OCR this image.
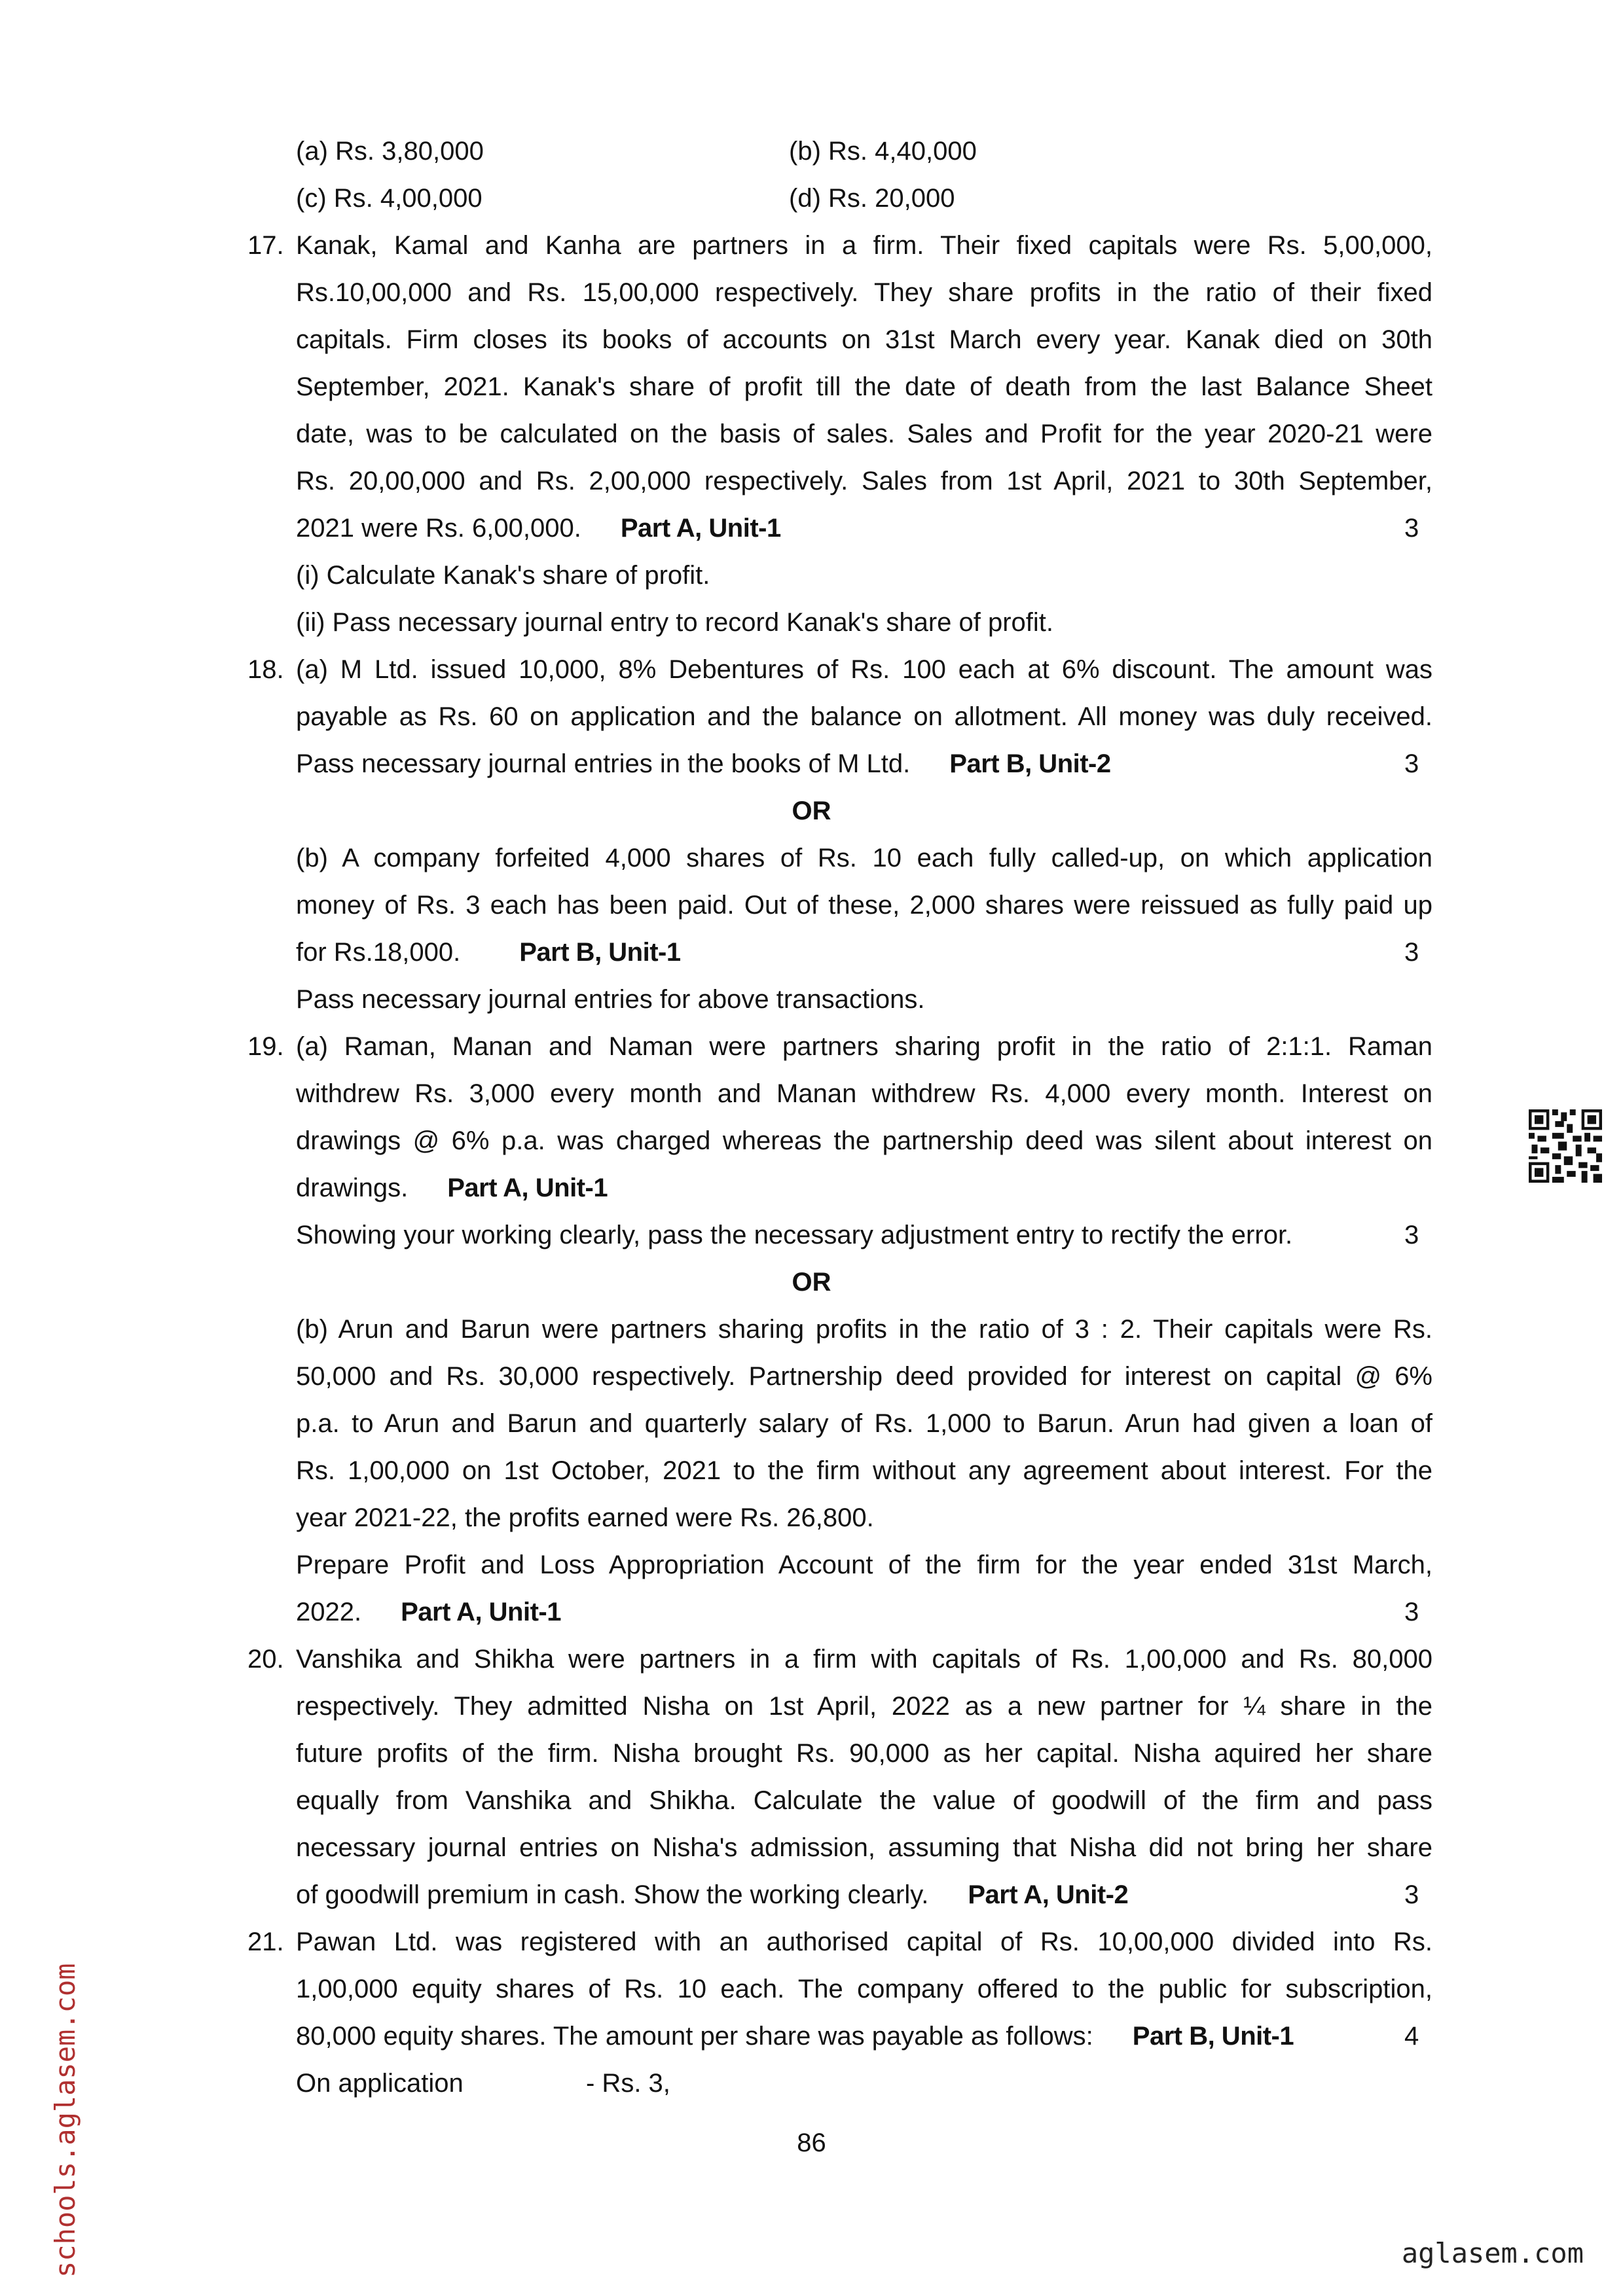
(a) Rs. 3,80,000	(b) Rs. 4,40,000
(c) Rs. 4,00,000	(d) Rs. 20,000
17. Kanak, Kamal and Kanha are partners in a firm. Their fixed capitals were Rs. 5,00,000,
Rs.10,00,000 and Rs. 15,00,000 respectively. They share profits in the ratio of their fixed
capitals. Firm closes its books of accounts on 31st March every year. Kanak died on 30th
September, 2021. Kanak's share of profit till the date of death from the last Balance Sheet
date, was to be calculated on the basis of sales. Sales and Profit for the year 2020-21 were
Rs. 20,00,000 and Rs. 2,00,000 respectively. Sales from 1st April, 2021 to 30th September,
2021 were Rs. 6,00,000. Part A, Unit-1	3
(i) Calculate Kanak's share of profit.
(ii) Pass necessary journal entry to record Kanak's share of profit.
18. (a) M Ltd. issued 10,000, 8% Debentures of Rs. 100 each at 6% discount. The amount was
payable as Rs. 60 on application and the balance on allotment. All money was duly received.
Pass necessary journal entries in the books of M Ltd. Part B, Unit-2	3
OR
(b) A company forfeited 4,000 shares of Rs. 10 each fully called-up, on which application
money of Rs. 3 each has been paid. Out of these, 2,000 shares were reissued as fully paid up
for Rs.18,000. Part B, Unit-1	3
Pass necessary journal entries for above transactions.
19. (a) Raman, Manan and Naman were partners sharing profit in the ratio of 2:1:1. Raman
withdrew Rs. 3,000 every month and Manan withdrew Rs. 4,000 every month. Interest on
drawings @ 6% p.a. was charged whereas the partnership deed was silent about interest on
drawings. Part A, Unit-1
Showing your working clearly, pass the necessary adjustment entry to rectify the error.	3
OR
(b) Arun and Barun were partners sharing profits in the ratio of 3 : 2. Their capitals were Rs.
50,000 and Rs. 30,000 respectively. Partnership deed provided for interest on capital @ 6%
p.a. to Arun and Barun and quarterly salary of Rs. 1,000 to Barun. Arun had given a loan of
Rs. 1,00,000 on 1st October, 2021 to the firm without any agreement about interest. For the
year 2021-22, the profits earned were Rs. 26,800.
Prepare Profit and Loss Appropriation Account of the firm for the year ended 31st March,
2022. Part A, Unit-1	3
20. Vanshika and Shikha were partners in a firm with capitals of Rs. 1,00,000 and Rs. 80,000
respectively. They admitted Nisha on 1st April, 2022 as a new partner for ¼ share in the
future profits of the firm. Nisha brought Rs. 90,000 as her capital. Nisha aquired her share
equally from Vanshika and Shikha. Calculate the value of goodwill of the firm and pass
necessary journal entries on Nisha's admission, assuming that Nisha did not bring her share
of goodwill premium in cash. Show the working clearly. Part A, Unit-2	3
21. Pawan Ltd. was registered with an authorised capital of Rs. 10,00,000 divided into Rs.
1,00,000 equity shares of Rs. 10 each. The company offered to the public for subscription,
80,000 equity shares. The amount per share was payable as follows: Part B, Unit-1	4
On application	- Rs. 3,
86
schools.aglasem.com	aglasem.com
